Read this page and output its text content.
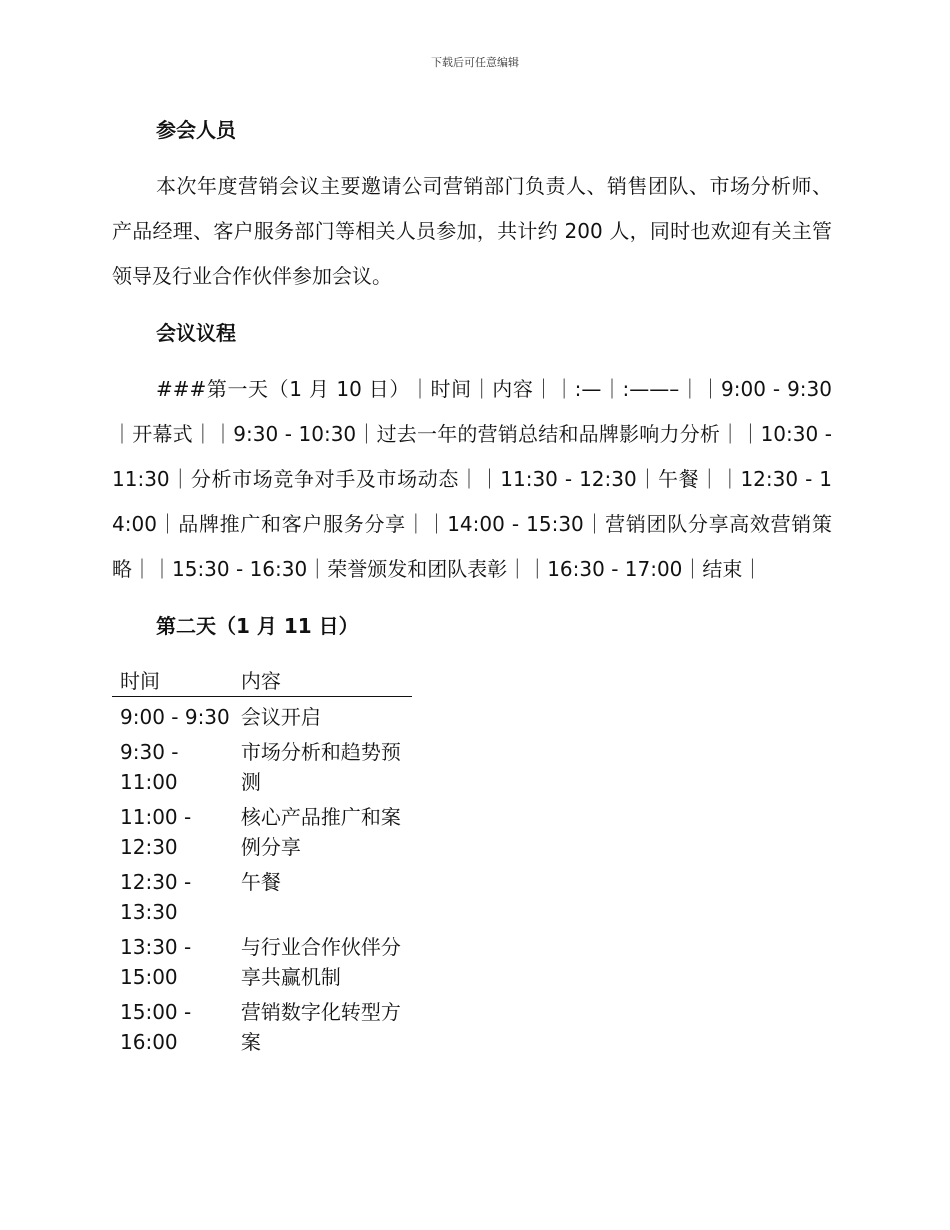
下载后可任意编辑
参会人员

本次年度营销会议主要邀请公司营销部门负责人、销售团队、市场分析师、产品经理、客户服务部门等相关人员参加，共计约 200 人，同时也欢迎有关主管领导及行业合作伙伴参加会议。

会议议程

###第一天（1 月 10 日）｜时间｜内容｜｜:—｜:——–｜｜9:00 - 9:30｜开幕式｜｜9:30 - 10:30｜过去一年的营销总结和品牌影响力分析｜｜10:30 - 11:30｜分析市场竞争对手及市场动态｜｜11:30 - 12:30｜午餐｜｜12:30 - 14:00｜品牌推广和客户服务分享｜｜14:00 - 15:30｜营销团队分享高效营销策略｜｜15:30 - 16:30｜荣誉颁发和团队表彰｜｜16:30 - 17:00｜结束｜

第二天（1 月 11 日）
时间	内容
9:00 - 9:30	会议开启
9:30 - 11:00	市场分析和趋势预测
11:00 - 12:30	核心产品推广和案例分享
12:30 - 13:30	午餐
13:30 - 15:00	与行业合作伙伴分享共赢机制
15:00 - 16:00	营销数字化转型方案
